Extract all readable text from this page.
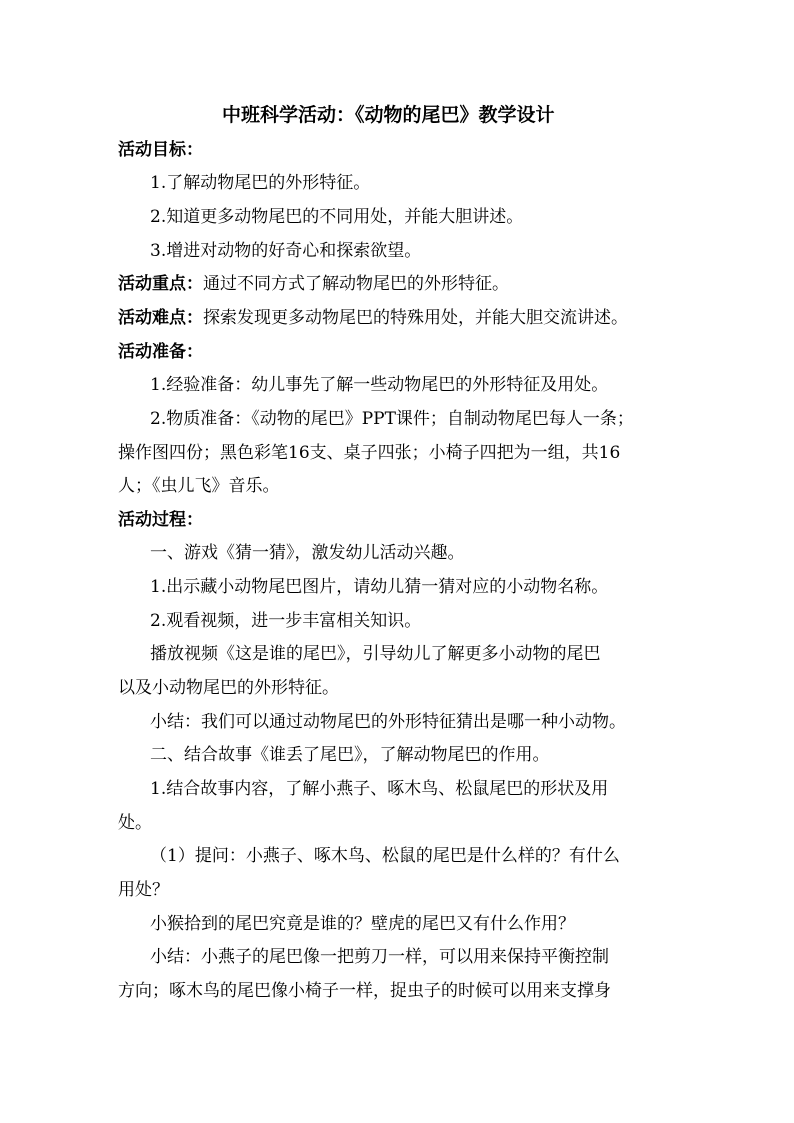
中班科学活动：《动物的尾巴》教学设计
活动目标：
1.了解动物尾巴的外形特征。
2.知道更多动物尾巴的不同用处，并能大胆讲述。
3.增进对动物的好奇心和探索欲望。
活动重点：通过不同方式了解动物尾巴的外形特征。
活动难点：探索发现更多动物尾巴的特殊用处，并能大胆交流讲述。
活动准备：
1.经验准备：幼儿事先了解一些动物尾巴的外形特征及用处。
2.物质准备：《动物的尾巴》PPT课件；自制动物尾巴每人一条；
操作图四份；黑色彩笔16支、桌子四张；小椅子四把为一组，共16
人；《虫儿飞》音乐。
活动过程：
一、游戏《猜一猜》，激发幼儿活动兴趣。
1.出示藏小动物尾巴图片，请幼儿猜一猜对应的小动物名称。
2.观看视频，进一步丰富相关知识。
播放视频《这是谁的尾巴》，引导幼儿了解更多小动物的尾巴
以及小动物尾巴的外形特征。
小结：我们可以通过动物尾巴的外形特征猜出是哪一种小动物。
二、结合故事《谁丢了尾巴》，了解动物尾巴的作用。
1.结合故事内容，了解小燕子、啄木鸟、松鼠尾巴的形状及用
处。
（1）提问：小燕子、啄木鸟、松鼠的尾巴是什么样的？有什么
用处？
小猴拾到的尾巴究竟是谁的？壁虎的尾巴又有什么作用？
小结：小燕子的尾巴像一把剪刀一样，可以用来保持平衡控制
方向；啄木鸟的尾巴像小椅子一样，捉虫子的时候可以用来支撑身
